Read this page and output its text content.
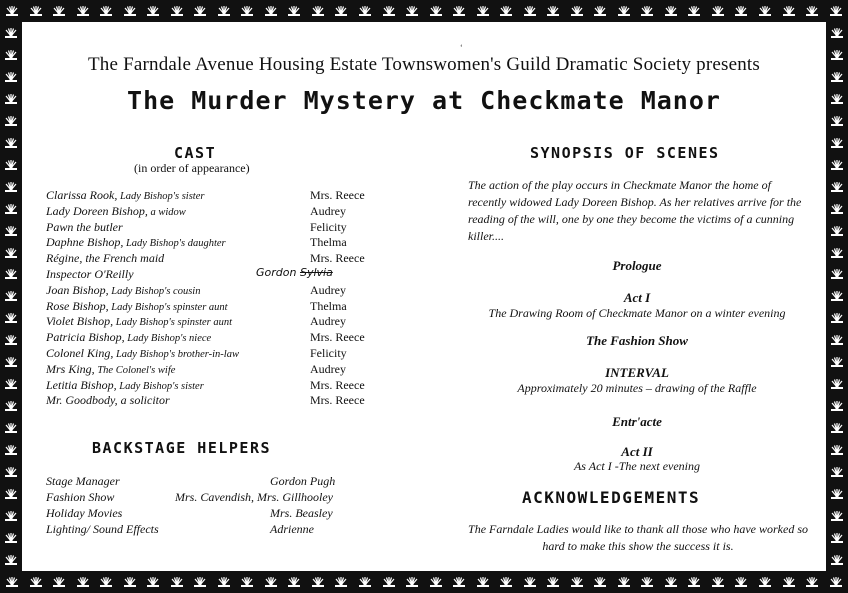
‘
The Farndale Avenue Housing Estate Townswomen's Guild Dramatic Society presents
The Murder Mystery at Checkmate Manor
CAST
(in order of appearance)
Clarissa Rook, Lady Bishop's sister	Mrs. Reece
Lady Doreen Bishop, a widow	Audrey
Pawn the butler	Felicity
Daphne Bishop, Lady Bishop's daughter	Thelma
Régine, the French maid	Mrs. Reece
Inspector O'Reilly	Gordon Sylvia
Joan Bishop, Lady Bishop's cousin	Audrey
Rose Bishop, Lady Bishop's spinster aunt	Thelma
Violet Bishop, Lady Bishop's spinster aunt	Audrey
Patricia Bishop, Lady Bishop's niece	Mrs. Reece
Colonel King, Lady Bishop's brother-in-law	Felicity
Mrs King, The Colonel's wife	Audrey
Letitia Bishop, Lady Bishop's sister	Mrs. Reece
Mr. Goodbody, a solicitor	Mrs. Reece
BACKSTAGE HELPERS
Stage Manager	Gordon Pugh
Fashion Show	Mrs. Cavendish, Mrs. Gillhooley
Holiday Movies	Mrs. Beasley
Lighting/ Sound Effects	Adrienne
SYNOPSIS OF SCENES
The action of the play occurs in Checkmate Manor the home of recently widowed Lady Doreen Bishop. As her relatives arrive for the reading of the will, one by one they become the victims of a cunning killer....
Prologue
Act I
The Drawing Room of Checkmate Manor on a winter evening
The Fashion Show
INTERVAL
Approximately 20 minutes – drawing of the Raffle
Entr'acte
Act II
As Act I -The next evening
ACKNOWLEDGEMENTS
The Farndale Ladies would like to thank all those who have worked so hard to make this show the success it is.
